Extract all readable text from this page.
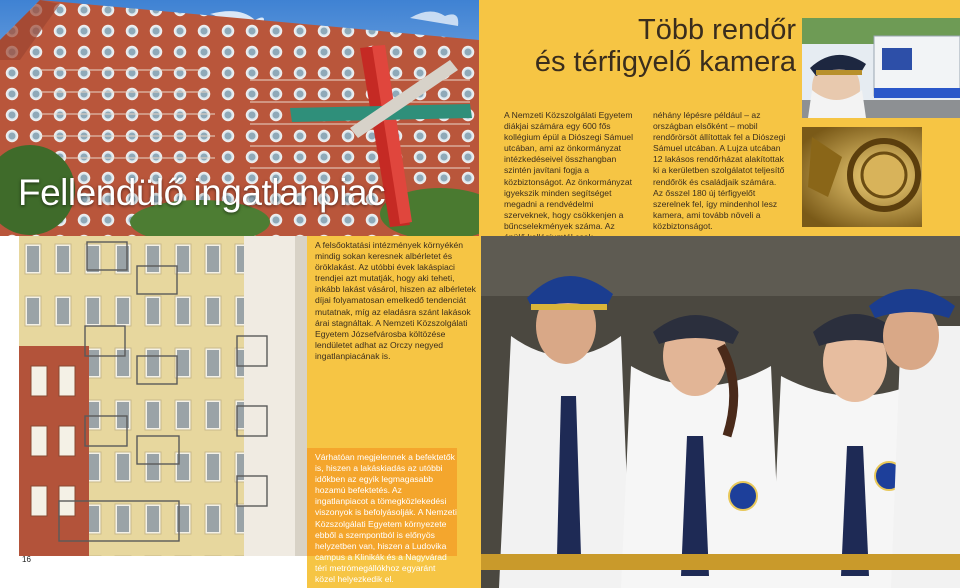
Fellendülő ingatlanpiac
Több rendőr
és térfigyelő kamera
A Nemzeti Közszolgálati Egyetem diákjai számára egy 600 fős kollégium épül a Diószegi Sámuel utcában, ami az önkormányzat intézkedéseivel összhangban szintén javítani fogja a közbiztonságot. Az önkormányzat igyekszik minden segítséget megadni a rendvédelmi szerveknek, hogy csökkenjen a bűncselekmények száma. Az
néhány lépésre például – az országban elsőként – mobil rendőrörsöt állítottak fel a Diószegi Sámuel utcában. A Lujza utcában 12 lakásos rendőrházat alakítottak ki a kerületben szolgálatot teljesítő rendőrök és családjaik számára. Az ősszel 180 új térfigyelőt szerelnek fel, így mindenhol lesz kamera, ami tovább növeli a közbiztonságot.
A felsőoktatási intézmények környékén mindig sokan keresnek albérletet és öröklakást. Az utóbbi évek lakáspiaci trendjei azt mutatják, hogy aki teheti, inkább lakást vásárol, hiszen az albérletek díjai folyamatosan emelkedő tendenciát mutatnak, míg az eladásra szánt lakások árai stagnáltak. A Nemzeti Közszolgálati Egyetem Józsefvárosba költözése lendületet adhat az Orczy negyed ingatlanpiacának is.
Várhatóan megjelennek a befektetők is, hiszen a lakáskiadás az utóbbi időkben az egyik legmagasabb hozamú befektetés. Az ingatlanpiacot a tömegközlekedési viszonyok is befolyásolják. A Nemzeti Közszolgálati Egyetem környezete ebből a szempontból is előnyös helyzetben van, hiszen a Ludovika campus a Klinikák és a Nagyvárad téri metrómegállókhoz egyaránt közel helyezkedik el.
16
